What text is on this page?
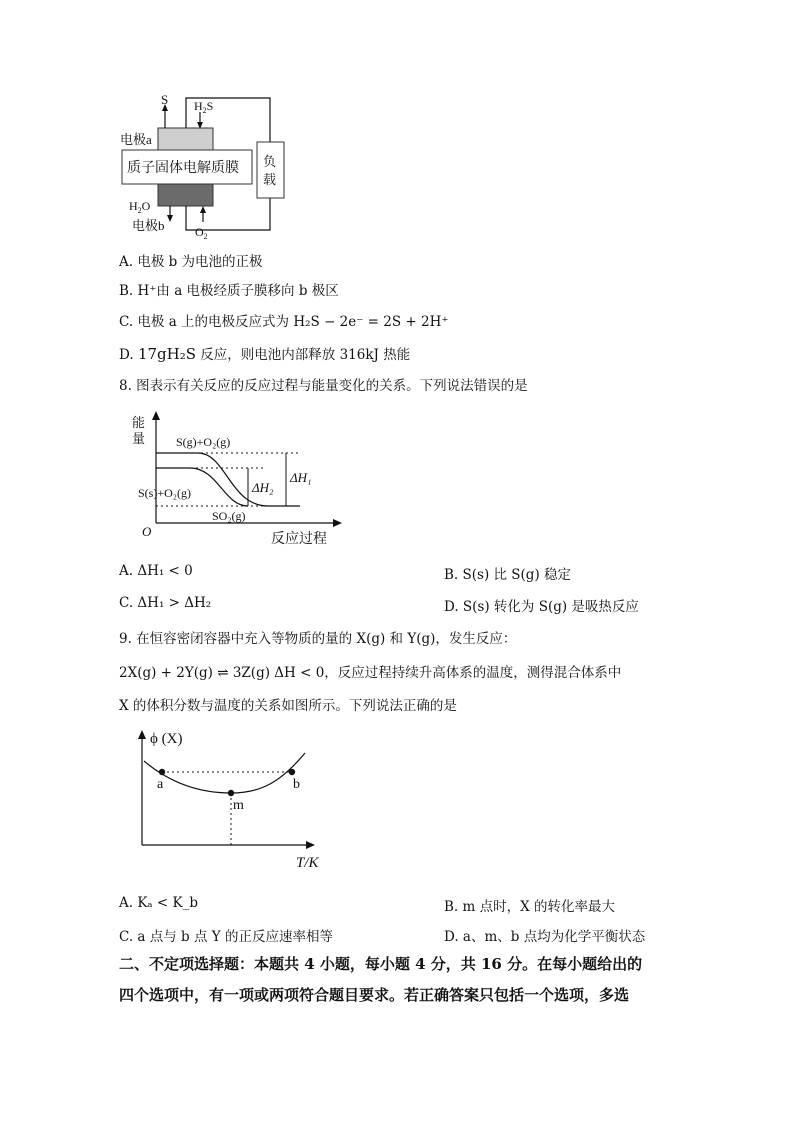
S $H_2S$
电极a
质子固体电解质膜
$H_2O$
电极b	$O_2$
负
载
A. 电极 b 为电池的正极
B. H⁺由 a 电极经质子膜移向 b 极区
C. 电极 a 上的电极反应式为 H₂S − 2e⁻ = 2S + 2H⁺
D. 17gH₂S 反应，则电池内部释放 316kJ 热能
8. 图表示有关反应的反应过程与能量变化的关系。下列说法错误的是
能
量	S(g)+O₂(g)
S(s)+O₂(g)
SO₂(g)
ΔH₁
ΔH₂
O
反应过程
A. ΔH₁ < 0	B. S(s) 比 S(g) 稳定
C. ΔH₁ > ΔH₂	D. S(s) 转化为 S(g) 是吸热反应
9. 在恒容密闭容器中充入等物质的量的 X(g) 和 Y(g)，发生反应：
2X(g) + 2Y(g) ⇌ 3Z(g) ΔH < 0，反应过程持续升高体系的温度，测得混合体系中
X 的体积分数与温度的关系如图所示。下列说法正确的是
ϕ (X)
T/K
a
m
b
A. Kₐ < K_b	B. m 点时，X 的转化率最大
C. a 点与 b 点 Y 的正反应速率相等	D. a、m、b 点均为化学平衡状态
二、不定项选择题：本题共 4 小题，每小题 4 分，共 16 分。在每小题给出的
四个选项中，有一项或两项符合题目要求。若正确答案只包括一个选项，多选
